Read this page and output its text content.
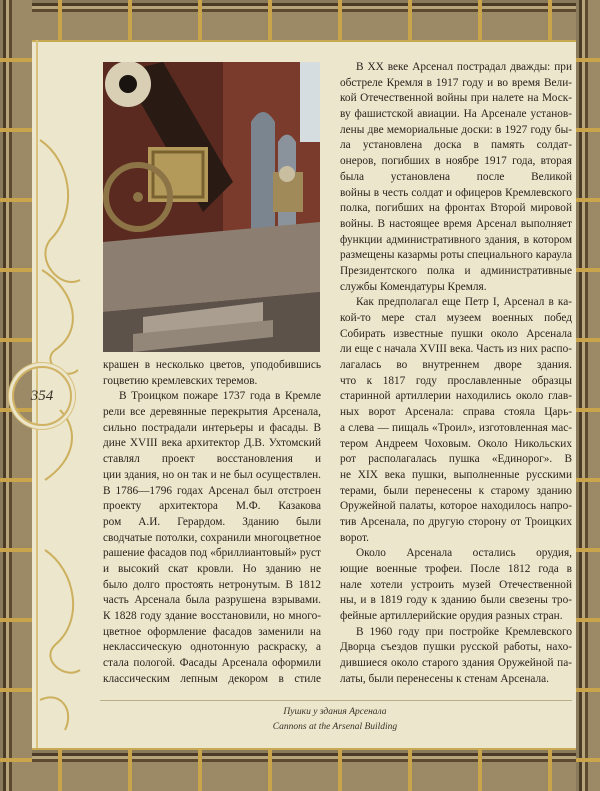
354
крашен в несколько цветов, уподобившись
гоцветию кремлевских теремов.
В Троицком пожаре 1737 года в Кремле
рели все деревянные перекрытия Арсенала,
сильно пострадали интерьеры и фасады. В
дине XVIII века архитектор Д.В. Ухтомский
ставлял проект восстановления и
ции здания, но он так и не был осуществлен.
В 1786—1796 годах Арсенал был отстроен
проекту архитектора М.Ф. Казакова
ром А.И. Герардом. Зданию были
сводчатые потолки, сохранили многоцветное
рашение фасадов под «бриллиантовый» руст
и высокий скат кровли. Но зданию не
было долго простоять нетронутым. В 1812
часть Арсенала была разрушена взрывами.
К 1828 году здание восстановили, но много-
цветное оформление фасадов заменили на
неклассическую однотонную раскраску, а
стала пологой. Фасады Арсенала оформили
классическим лепным декором в стиле
В XX веке Арсенал пострадал дважды: при
обстреле Кремля в 1917 году и во время Вели-
кой Отечественной войны при налете на Моск-
ву фашистской авиации. На Арсенале установ-
лены две мемориальные доски: в 1927 году бы-
ла установлена доска в память солдат-
онеров, погибших в ноябре 1917 года, вторая
была установлена после Великой
войны в честь солдат и офицеров Кремлевского
полка, погибших на фронтах Второй мировой
войны. В настоящее время Арсенал выполняет
функции административного здания, в котором
размещены казармы роты специального караула
Президентского полка и административные
службы Комендатуры Кремля.
Как предполагал еще Петр I, Арсенал в ка-
кой-то мере стал музеем военных побед
Собирать известные пушки около Арсенала
ли еще с начала XVIII века. Часть из них распо-
лагалась во внутреннем дворе здания.
что к 1817 году прославленные образцы
старинной артиллерии находились около глав-
ных ворот Арсенала: справа стояла Царь-
а слева — пищаль «Троил», изготовленная мас-
тером Андреем Чоховым. Около Никольских
рот располагалась пушка «Единорог». В
не XIX века пушки, выполненные русскими
терами, были перенесены к старому зданию
Оружейной палаты, которое находилось напро-
тив Арсенала, по другую сторону от Троицких
ворот.
Около Арсенала остались орудия,
ющие военные трофеи. После 1812 года в
нале хотели устроить музей Отечественной
ны, и в 1819 году к зданию были свезены тро-
фейные артиллерийские орудия разных стран.
В 1960 году при постройке Кремлевского
Дворца съездов пушки русской работы, нахо-
дившиеся около старого здания Оружейной па-
латы, были перенесены к стенам Арсенала.
Пушки у здания Арсенала
Cannons at the Arsenal Building
